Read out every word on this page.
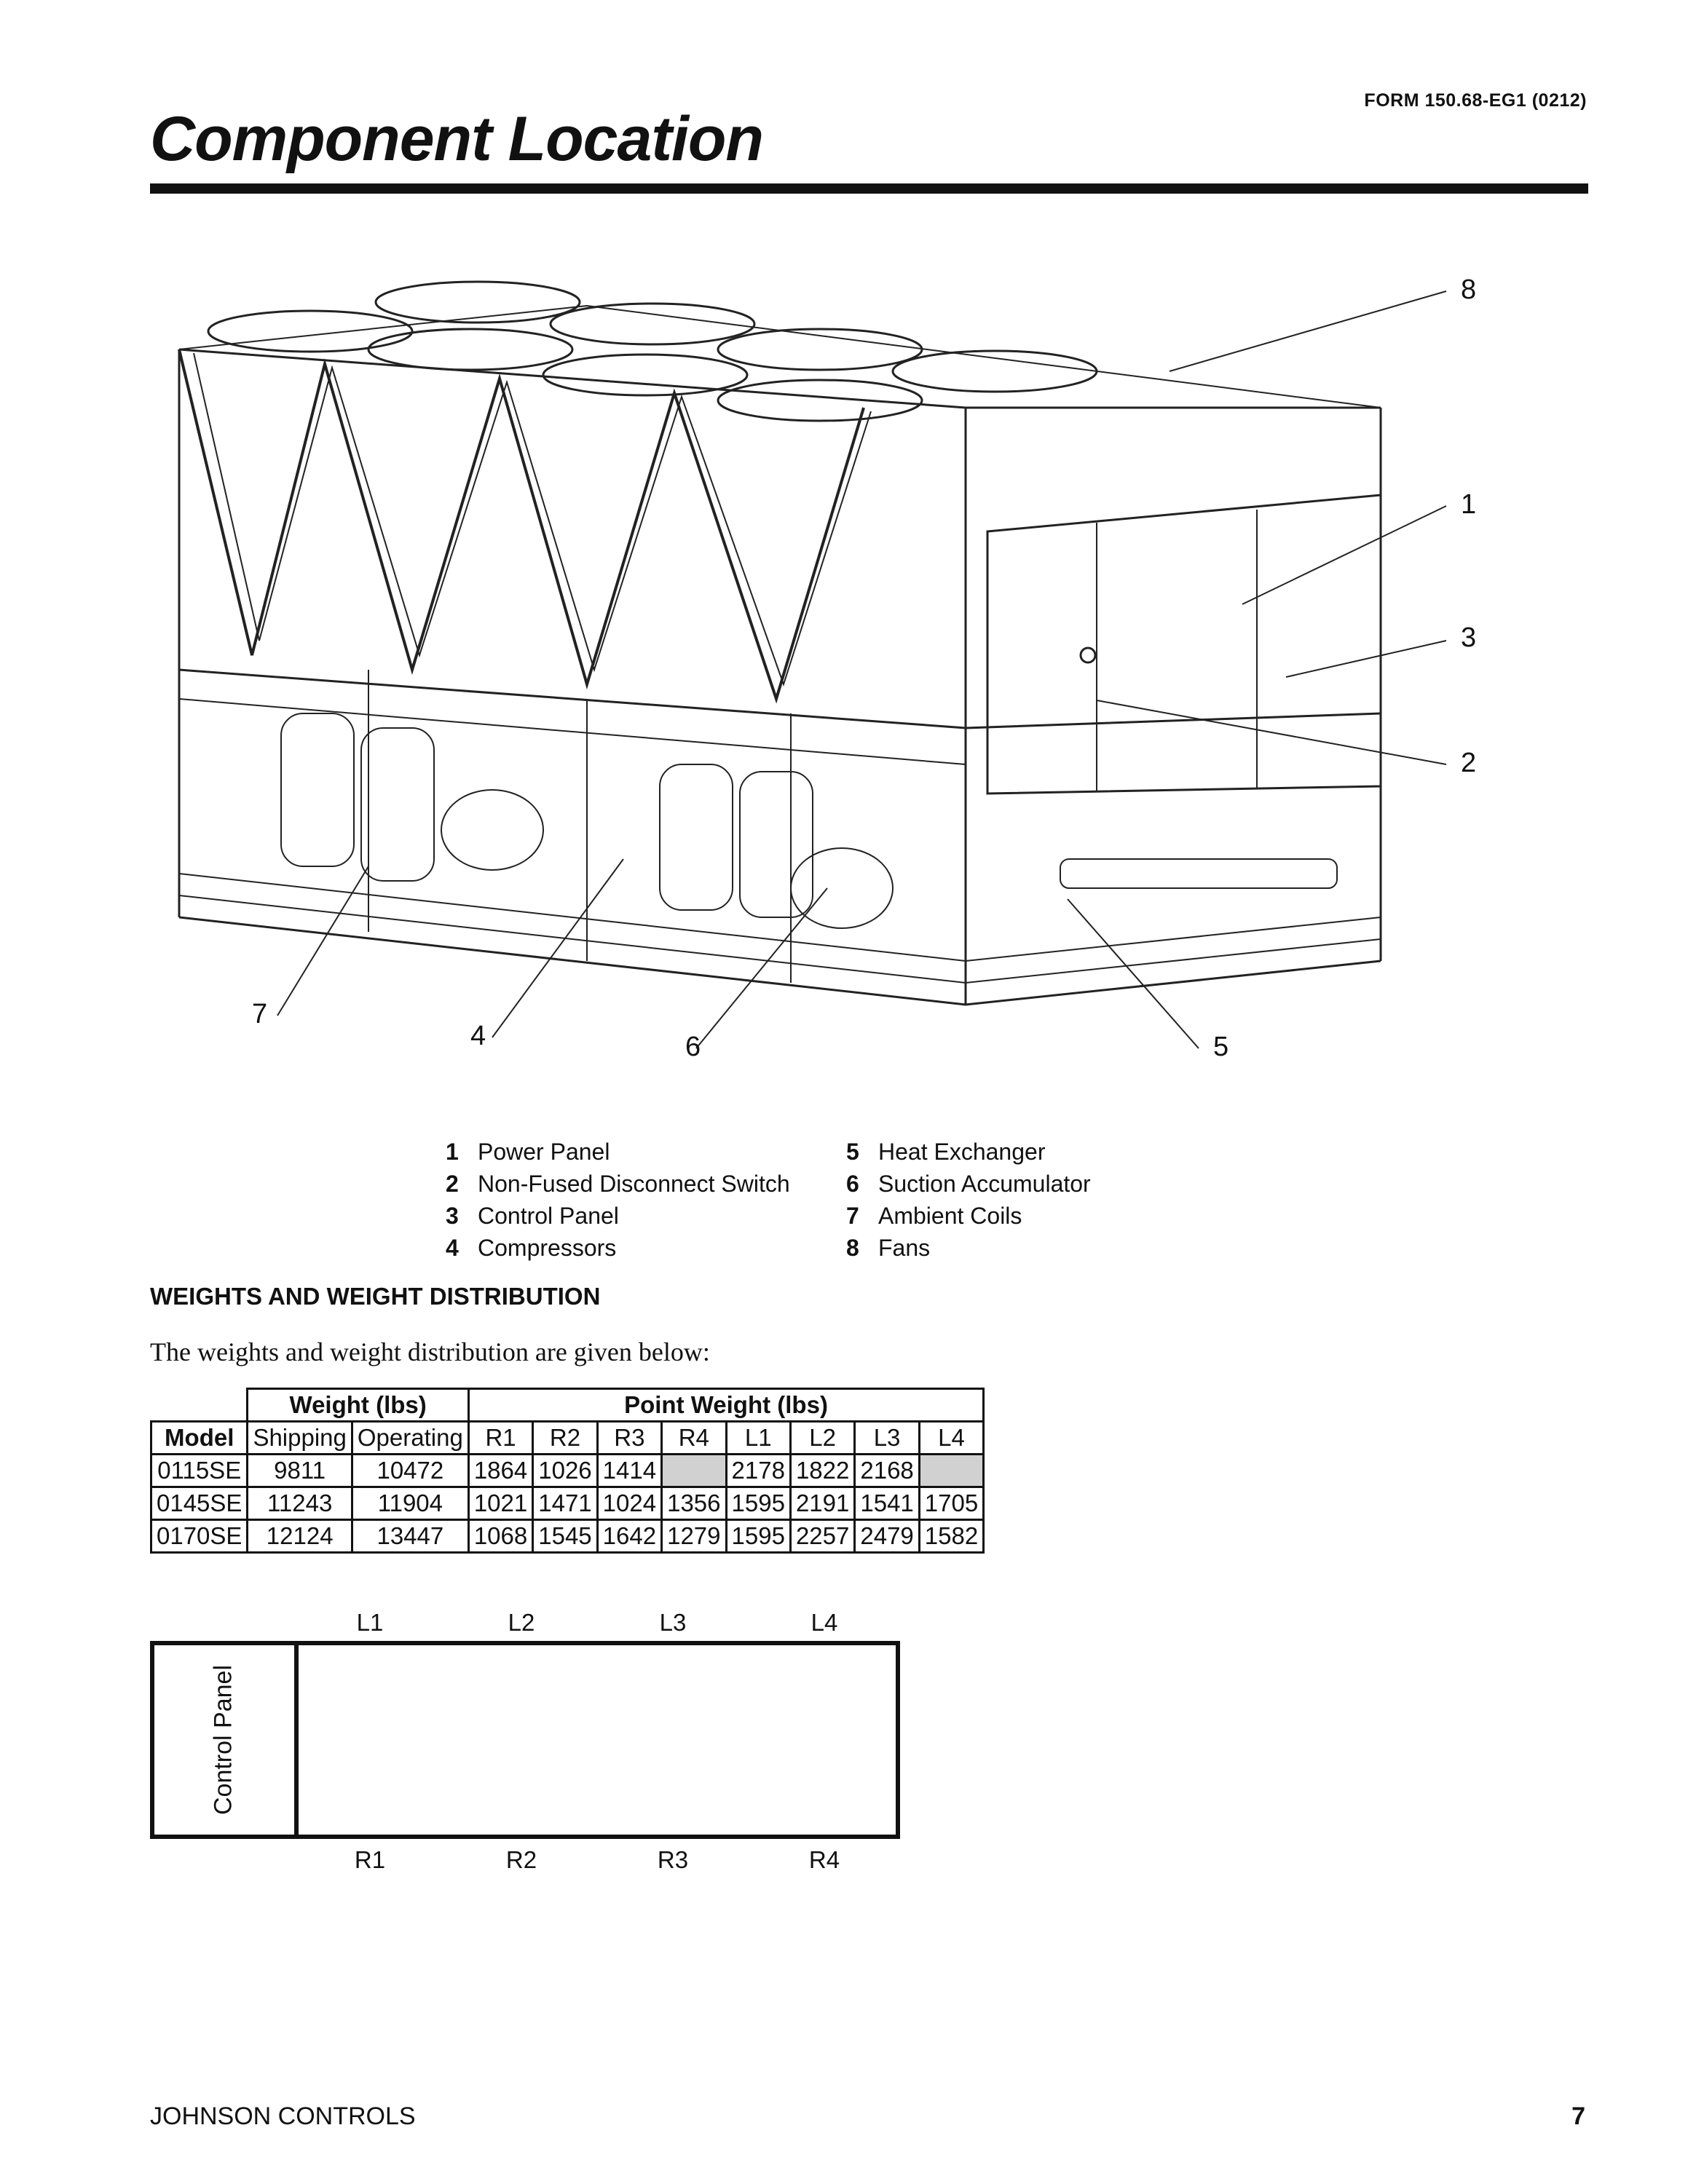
FORM 150.68-EG1 (0212)
Component Location
8
1
3
2
5
6
4
7
1 Power Panel	5 Heat Exchanger
2 Non-Fused Disconnect Switch 6 Suction Accumulator
3 Control Panel	7 Ambient Coils
4 Compressors	8 Fans
WEIGHTS AND WEIGHT DISTRIBUTION
The weights and weight distribution are given below:
	Weight (lbs)		Point Weight (lbs)							
Model	Shipping	Operating	R1	R2	R3	R4	L1	L2	L3	L4
0115SE	9811	10472	1864	1026	1414		2178	1822	2168	
0145SE	11243	11904	1021	1471	1024	1356	1595	2191	1541	1705
0170SE	12124	13447	1068	1545	1642	1279	1595	2257	2479	1582
Control Panel
L1	L2	L3	L4
R1	R2	R3	R4
JOHNSON CONTROLS	7
